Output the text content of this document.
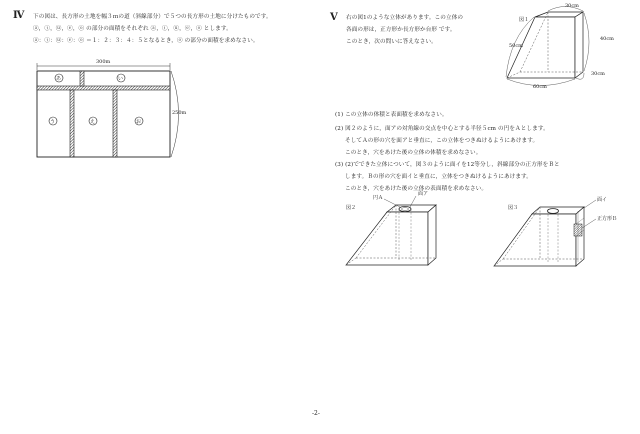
Ⅳ 下の図は、長方形の土地を幅３ｍの道（斜線部分）で５つの長方形の土地に分けたものです。
ⓐ，ⓘ，ⓤ，ⓔ，ⓞ の部分の面積をそれぞれ ⓐ，ⓘ，ⓤ，ⓔ，ⓞ とします。
ⓐ：ⓘ：ⓤ：ⓔ：ⓞ ＝１：２：３：４：５となるとき，ⓞ の部分の面積を求めなさい。
300m
250m
あ	い
う	え	お
Ⅴ 右の図1のような立体があります。この立体の
各面の形は，正方形か長方形か台形 です。
このとき，次の問いに答えなさい。
図１
30cm
40cm
50cm
30cm
60cm
(1) この立体の体積と表面積を求めなさい。
(2) 図２のように，面アの対角線の交点を中心とする半径５cm の円をＡとします。
そしてＡの形の穴を面アと垂直に，この立体をつきぬけるようにあけます。
このとき，穴をあけた後の立体の体積を求めなさい。
(3) (2)でできた立体について，図３のように面イを12等分し，斜線部分の正方形をＢと
します。Ｂの形の穴を面イと垂直に，立体をつきぬけるようにあけます。
このとき，穴をあけた後の立体の表面積を求めなさい。
図２
円Ａ
面ア
図３
面イ
正方形Ｂ
-2-
